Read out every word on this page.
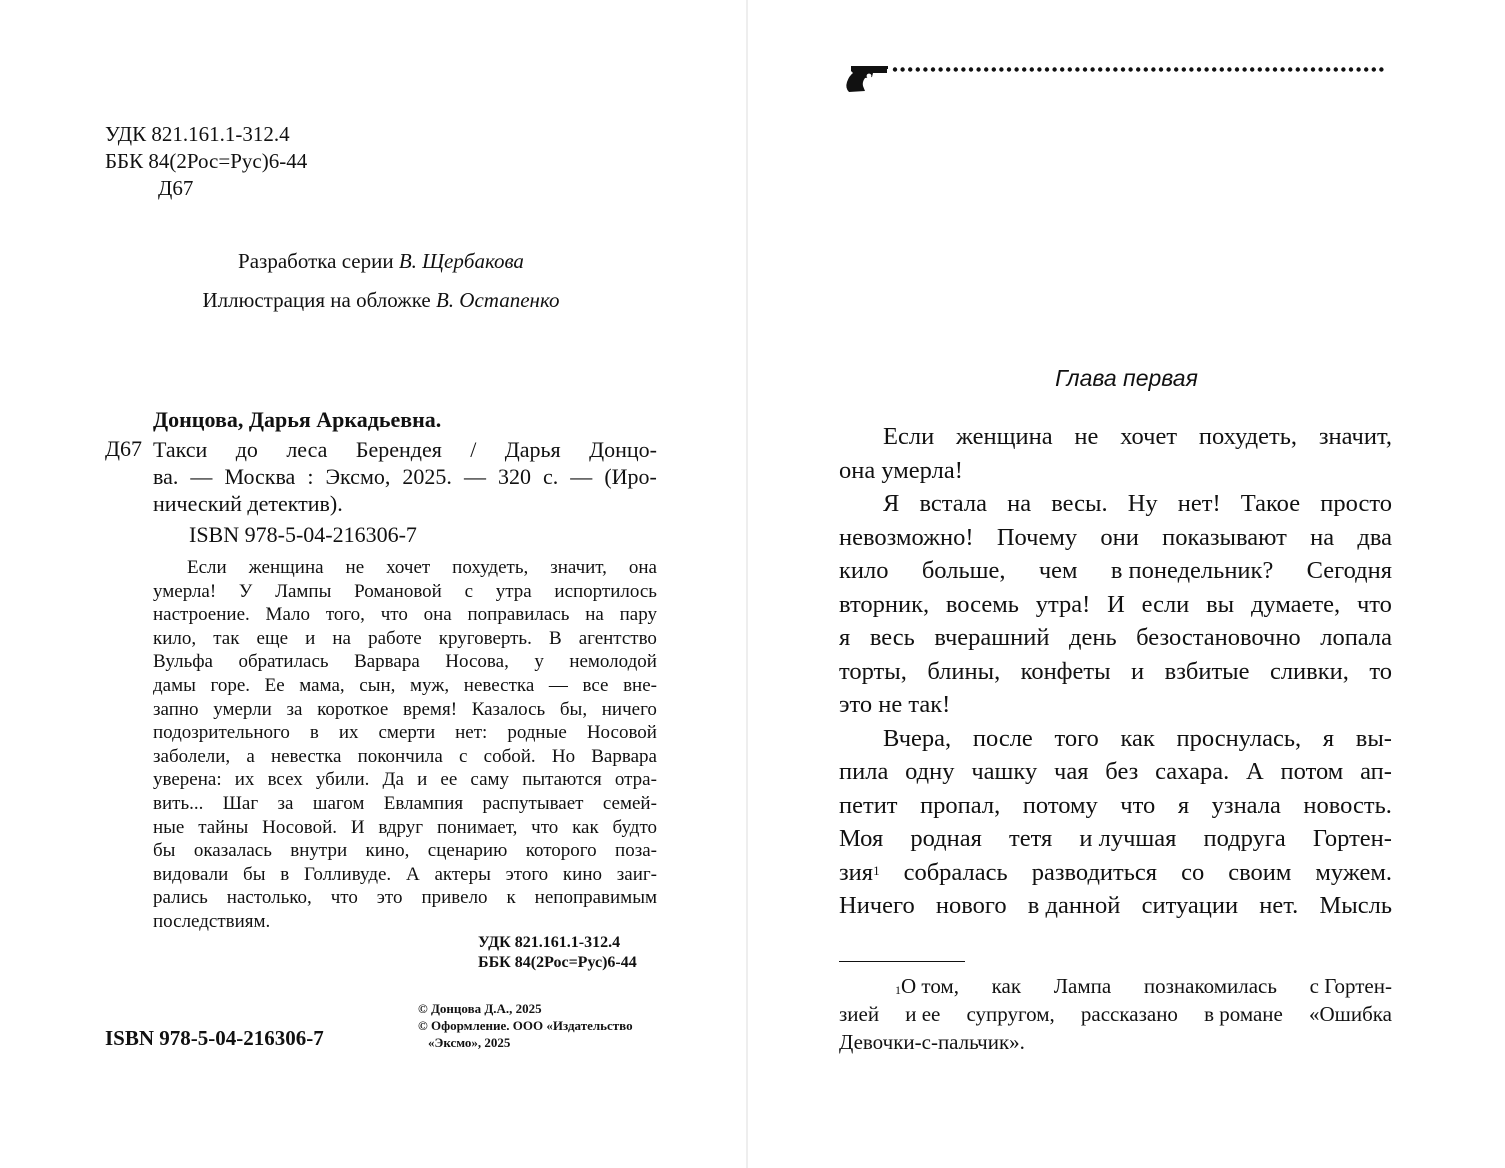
УДК 821.161.1-312.4
ББК 84(2Рос=Рус)6-44
Д67
Разработка серии В. Щербакова
Иллюстрация на обложке В. Остапенко
Донцова, Дарья Аркадьевна.
Д67 Такси до леса Берендея / Дарья Донцо-
ва. — Москва : Эксмо, 2025. — 320 с. — (Иро-
нический детектив).
ISBN 978-5-04-216306-7
Если женщина не хочет похудеть, значит, она
умерла! У Лампы Романовой с утра испортилось
настроение. Мало того, что она поправилась на пару
кило, так еще и на работе круговерть. В агентство
Вульфа обратилась Варвара Носова, у немолодой
дамы горе. Ее мама, сын, муж, невестка — все вне-
запно умерли за короткое время! Казалось бы, ничего
подозрительного в их смерти нет: родные Носовой
заболели, а невестка покончила с собой. Но Варвара
уверена: их всех убили. Да и ее саму пытаются отра-
вить... Шаг за шагом Евлампия распутывает семей-
ные тайны Носовой. И вдруг понимает, что как будто
бы оказалась внутри кино, сценарию которого поза-
видовали бы в Голливуде. А актеры этого кино заиг-
рались настолько, что это привело к непоправимым
последствиям.
УДК 821.161.1-312.4
ББК 84(2Рос=Рус)6-44
© Донцова Д.А., 2025
© Оформление. ООО «Издательство
«Эксмо», 2025
ISBN 978-5-04-216306-7
Глава первая
Если женщина не хочет похудеть, значит,
она умерла!
Я встала на весы. Ну нет! Такое просто
невозможно! Почему они показывают на два
кило больше, чем в понедельник? Сегодня
вторник, восемь утра! И если вы думаете, что
я весь вчерашний день безостановочно лопала
торты, блины, конфеты и взбитые сливки, то
это не так!
Вчера, после того как проснулась, я вы-
пила одну чашку чая без сахара. А потом ап-
петит пропал, потому что я узнала новость.
Моя родная тетя и лучшая подруга Гортен-
зия$^1$ собралась разводиться со своим мужем.
Ничего нового в данной ситуации нет. Мысль
1 О том, как Лампа познакомилась с Гортен-
зией и ее супругом, рассказано в романе «Ошибка
Девочки-с-пальчик».
